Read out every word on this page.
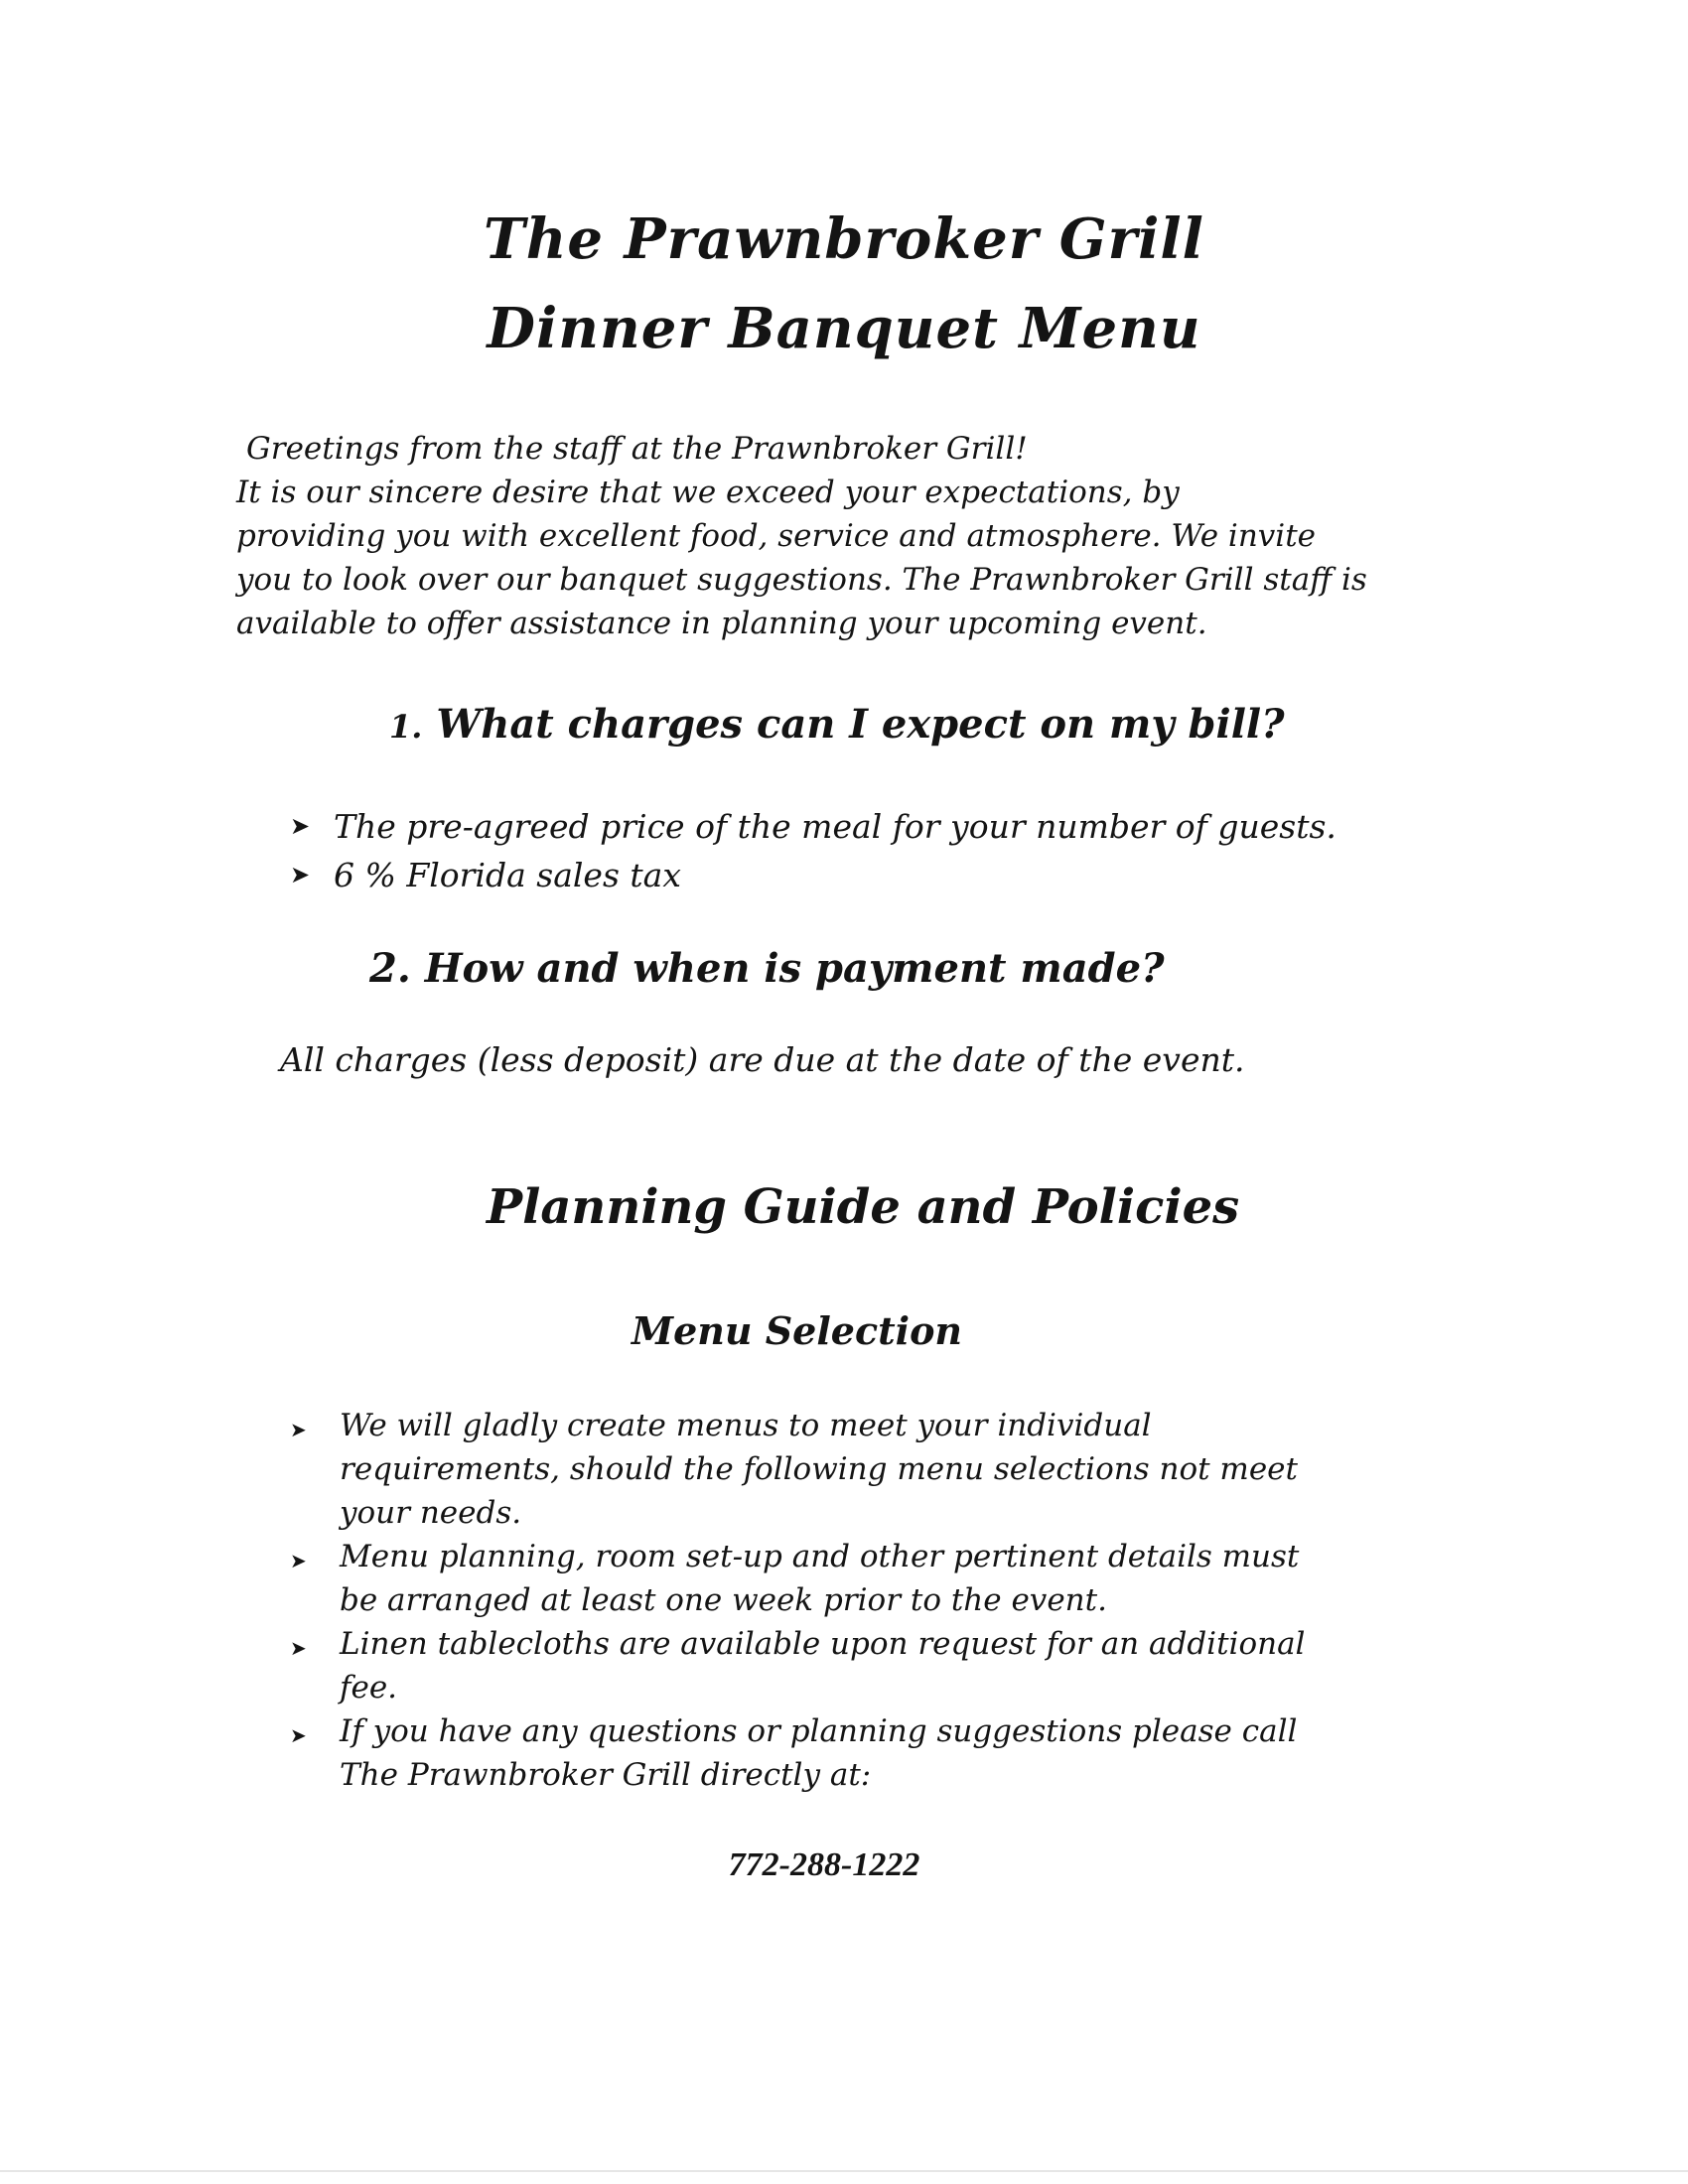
The Prawnbroker Grill
Dinner Banquet Menu

Greetings from the staff at the Prawnbroker Grill!
It is our sincere desire that we exceed your expectations, by
providing you with excellent food, service and atmosphere. We invite
you to look over our banquet suggestions. The Prawnbroker Grill staff is
available to offer assistance in planning your upcoming event.

1. What charges can I expect on my bill?
➤ The pre-agreed price of the meal for your number of guests.
➤ 6 % Florida sales tax
2. How and when is payment made?

All charges (less deposit) are due at the date of the event.

Planning Guide and Policies
Menu Selection
➤ We will gladly create menus to meet your individual
requirements, should the following menu selections not meet
your needs.
➤ Menu planning, room set-up and other pertinent details must
be arranged at least one week prior to the event.
➤ Linen tablecloths are available upon request for an additional
fee.
➤ If you have any questions or planning suggestions please call
The Prawnbroker Grill directly at:

772-288-1222
